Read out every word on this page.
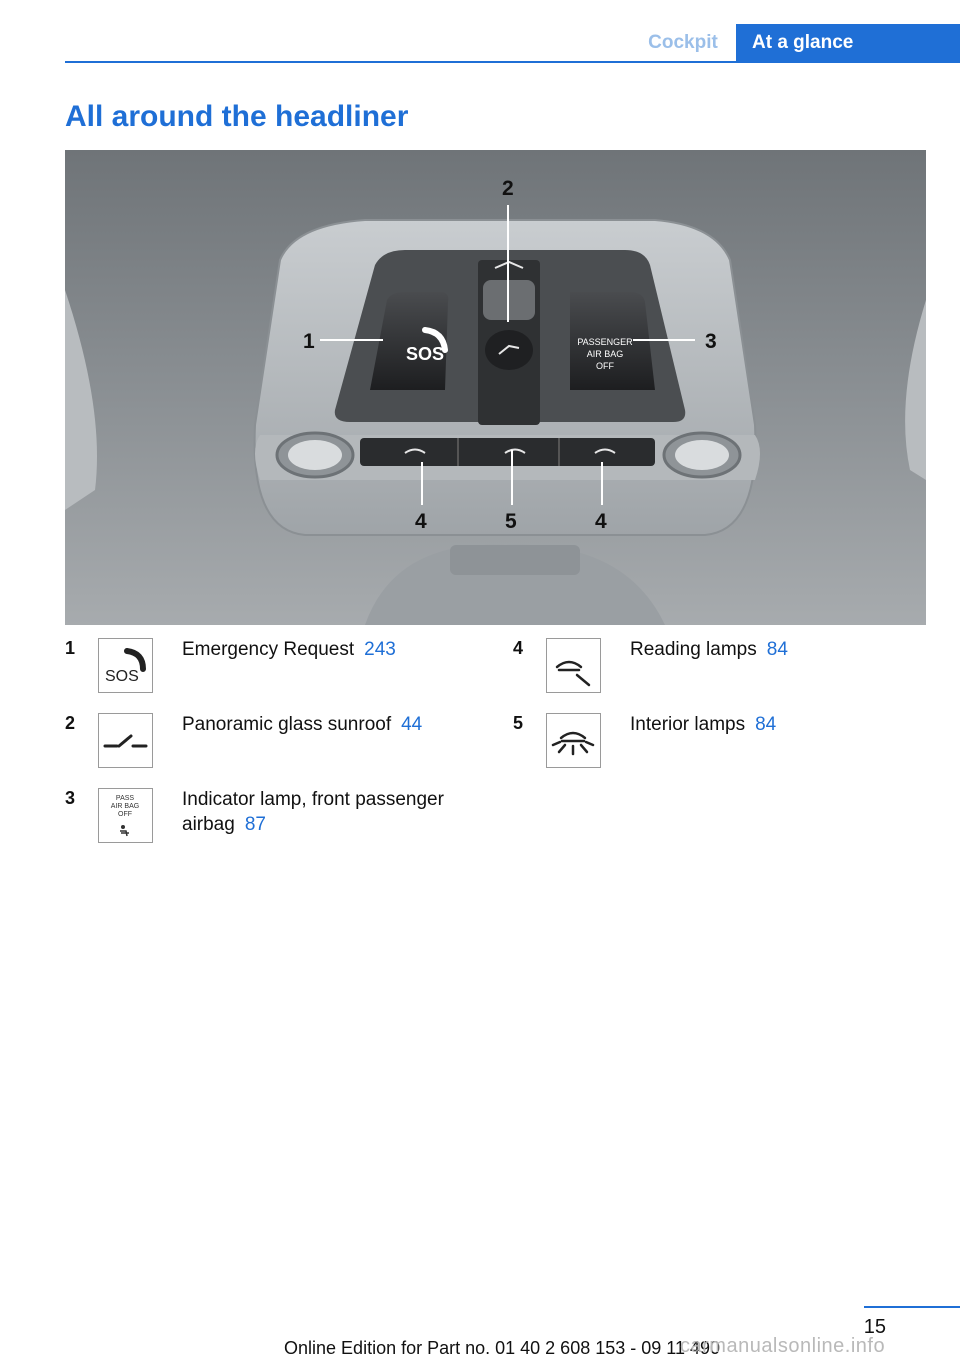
Cockpit	At a glance
All around the headliner
SOS
PASSENGER
AIR BAG
OFF
2
1	3
4	5	4
1
SOS
Emergency Request 243
2	Panoramic glass sunroof 44
3	PASS
AIR BAG
OFF
Indicator lamp, front passenger
airbag 87
4	Reading lamps 84
5	Interior lamps 84
15
Online Edition for Part no. 01 40 2 608 153 - 09 11 490
carmanualsonline.info
